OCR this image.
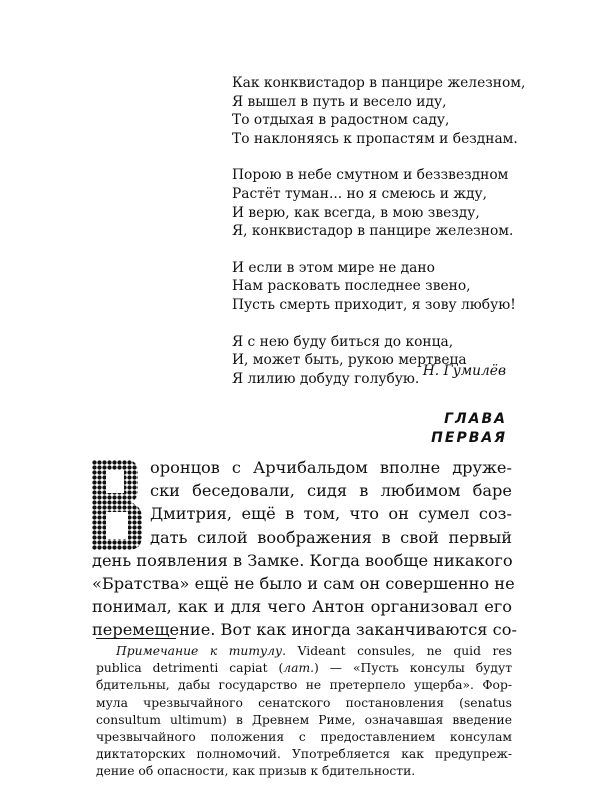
Как конквистадор в панцире железном,
Я вышел в путь и весело иду,
То отдыхая в радостном саду,
То наклоняясь к пропастям и безднам.
Порою в небе смутном и беззвездном
Растёт туман... но я смеюсь и жду,
И верю, как всегда, в мою звезду,
Я, конквистадор в панцире железном.
И если в этом мире не дано
Нам расковать последнее звено,
Пусть смерть приходит, я зову любую!
Я с нею буду биться до конца,
И, может быть, рукою мертвеца
Я лилию добуду голубую. Н. Гумилёв
ГЛАВА
ПЕРВАЯ
оронцов с Арчибальдом вполне друже-
ски беседовали, сидя в любимом баре
Дмитрия, ещё в том, что он сумел соз-
дать силой воображения в свой первый
день появления в Замке. Когда вообще никакого
«Братства» ещё не было и сам он совершенно не
понимал, как и для чего Антон организовал его
перемещение. Вот как иногда заканчиваются со-
Примечание к титулу. Videant consules, ne quid res
publica detrimenti capiat (лат.) — «Пусть консулы будут
бдительны, дабы государство не претерпело ущерба». Фор-
мула чрезвычайного сенатского постановления (senatus
consultum ultimum) в Древнем Риме, означавшая введение
чрезвычайного положения с предоставлением консулам
диктаторских полномочий. Употребляется как предупреж-
дение об опасности, как призыв к бдительности.
